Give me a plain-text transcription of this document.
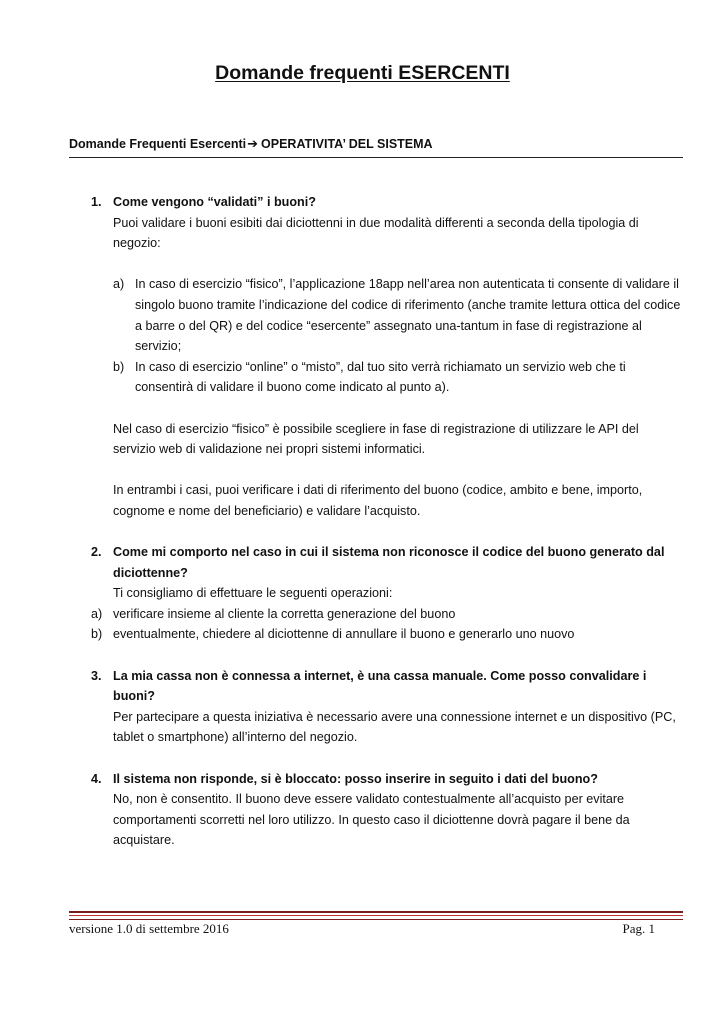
Domande frequenti ESERCENTI
Domande Frequenti Esercenti➔ OPERATIVITA’ DEL SISTEMA
1. Come vengono “validati” i buoni?
Puoi validare i buoni esibiti dai diciottenni in due modalità differenti a seconda della tipologia di negozio:
a) In caso di esercizio “fisico”, l’applicazione 18app nell’area non autenticata ti consente di validare il singolo buono tramite l’indicazione del codice di riferimento (anche tramite lettura ottica del codice a barre o del QR) e del codice “esercente” assegnato una-tantum in fase di registrazione al servizio;
b) In caso di esercizio “online” o “misto”, dal tuo sito verrà richiamato un servizio web che ti consentirà di validare il buono come indicato al punto a).
Nel caso di esercizio “fisico” è possibile scegliere in fase di registrazione di utilizzare le API del servizio web di validazione nei propri sistemi informatici.
In entrambi i casi, puoi verificare i dati di riferimento del buono (codice, ambito e bene, importo, cognome e nome del beneficiario) e validare l’acquisto.
2. Come mi comporto nel caso in cui il sistema non riconosce il codice del buono generato dal diciottenne?
Ti consigliamo di effettuare le seguenti operazioni:
a) verificare insieme al cliente la corretta generazione del buono
b) eventualmente, chiedere al diciottenne di annullare il buono e generarlo uno nuovo
3. La mia cassa non è connessa a internet, è una cassa manuale. Come posso convalidare i buoni?
Per partecipare a questa iniziativa è necessario avere una connessione internet e un dispositivo (PC, tablet o smartphone) all’interno del negozio.
4. Il sistema non risponde, si è bloccato: posso inserire in seguito i dati del buono?
No, non è consentito. Il buono deve essere validato contestualmente all’acquisto per evitare comportamenti scorretti nel loro utilizzo. In questo caso il diciottenne dovrà pagare il bene da acquistare.
versione 1.0 di settembre 2016	Pag. 1
